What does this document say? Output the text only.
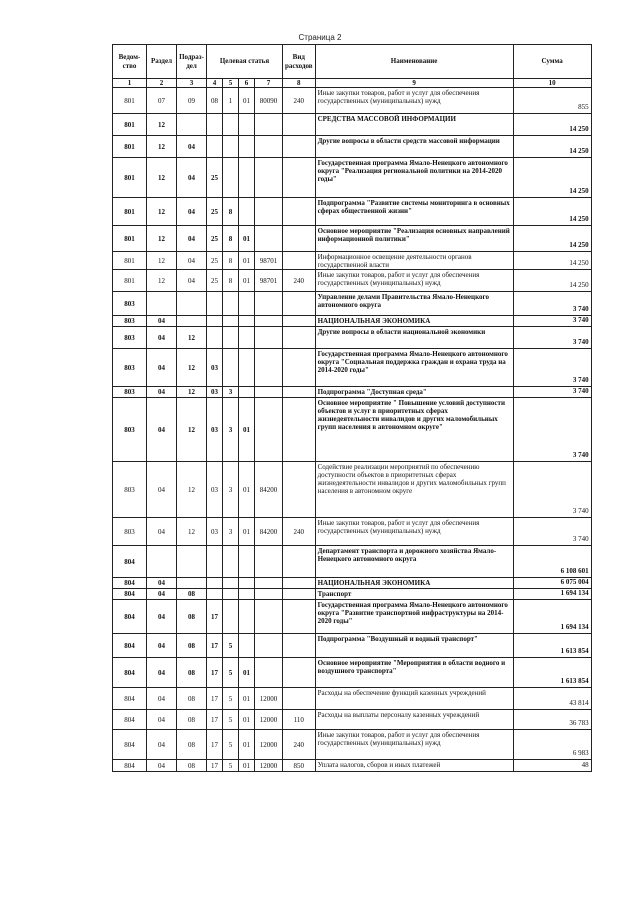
Страница 2
Ведом-ство	Раздел	Подраз-дел	Целевая статья				Вид расходов	Наименование	Сумма
1	2	3	4	5	6	7	8	9	10
801	07	09	08	1	01	80090	240	Иные закупки товаров, работ и услуг для обеспечения государственных (муниципальных) нужд	855
801	12							СРЕДСТВА МАССОВОЙ ИНФОРМАЦИИ	14 250
801	12	04						Другие вопросы в области средств массовой информации	14 250
801	12	04	25					Государственная программа Ямало-Ненецкого автономного округа "Реализация региональной политики на 2014-2020 годы"	14 250
801	12	04	25	8				Подпрограмма "Развитие системы мониторинга в основных сферах общественной жизни"	14 250
801	12	04	25	8	01			Основное мероприятие "Реализация основных направлений информационной политики"	14 250
801	12	04	25	8	01	98701		Информационное освещение деятельности органов государственной власти	14 250
801	12	04	25	8	01	98701	240	Иные закупки товаров, работ и услуг для обеспечения государственных (муниципальных) нужд	14 250
803								Управление делами Правительства Ямало-Ненецкого автономного округа	3 740
803	04							НАЦИОНАЛЬНАЯ ЭКОНОМИКА	3 740
803	04	12						Другие вопросы в области национальной экономики	3 740
803	04	12	03					Государственная программа Ямало-Ненецкого автономного округа "Социальная поддержка граждан и охрана труда на 2014-2020 годы"	3 740
803	04	12	03	3				Подпрограмма "Доступная среда"	3 740
803	04	12	03	3	01			Основное мероприятие " Повышение условий доступности объектов и услуг в приоритетных сферах жизнедеятельности инвалидов и других маломобильных групп населения в автономном округе"	3 740
803	04	12	03	3	01	84200		Содействие реализации мероприятий по обеспечению доступности объектов в приоритетных сферах жизнедеятельности инвалидов и других маломобильных групп населения в автономном округе	3 740
803	04	12	03	3	01	84200	240	Иные закупки товаров, работ и услуг для обеспечения государственных (муниципальных) нужд	3 740
804								Департамент транспорта и дорожного хозяйства Ямало-Ненецкого автономного округа	6 108 601
804	04							НАЦИОНАЛЬНАЯ ЭКОНОМИКА	6 075 004
804	04	08						Транспорт	1 694 134
804	04	08	17					Государственная программа Ямало-Ненецкого автономного округа "Развитие транспортной инфраструктуры на 2014-2020 годы"	1 694 134
804	04	08	17	5				Подпрограмма "Воздушный и водный транспорт"	1 613 854
804	04	08	17	5	01			Основное мероприятие "Мероприятия в области водного и воздушного транспорта"	1 613 854
804	04	08	17	5	01	12000		Расходы на обеспечение функций казенных учреждений	43 814
804	04	08	17	5	01	12000	110	Расходы на выплаты персоналу казенных учреждений	36 783
804	04	08	17	5	01	12000	240	Иные закупки товаров, работ и услуг для обеспечения государственных (муниципальных) нужд	6 983
804	04	08	17	5	01	12000	850	Уплата налогов, сборов и иных платежей	48
